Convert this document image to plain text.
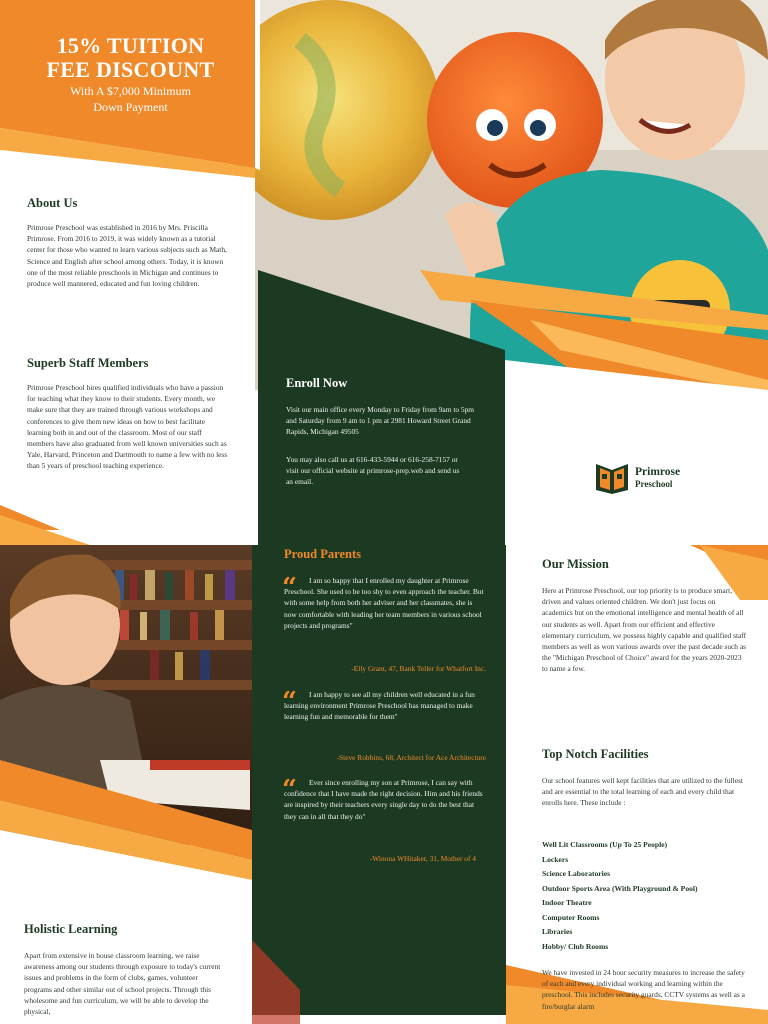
15% TUITION
FEE DISCOUNT
With A $7,000 Minimum
Down Payment
About Us
Primrose Preschool was established in 2016 by Mrs. Priscilla Primrose. From 2016 to 2019, it was widely known as a tutorial center for those who wanted to learn various subjects such as Math, Science and English after school among others. Today, it is known one of the most reliable preschools in Michigan and continues to produce well mannered, educated and fun loving children.
Superb Staff Members
Primrose Preschool hires qualified individuals who have a passion for teaching what they know to their students. Every month, we make sure that they are trained through various workshops and conferences to give them new ideas on how to best facilitate learning both in and out of the classroom. Most of our staff members have also graduated from well known universities such as Yale, Harvard, Princeton and Dartmouth to name a few with no less than 5 years of preschool teaching experience.
Enroll Now
Visit our main office every Monday to Friday from 9am to 5pm and Saturday from 9 am to 1 pm at 2981 Howard Street Grand Rapids, Michigan 49505
You may also call us at 616-433-5944 or 616-258-7157 or visit our official website at primrose-prep.web and send us an email.
Primrose
Preschool
Proud Parents
“	I am so happy that I enrolled my daughter at Primrose Preschool. She used to be too shy to even approach the teacher. But with some help from both her adviser and her classmates, she is now comfortable with leading her team members in various school projects and programs"
-Elly Grant, 47, Bank Teller for Whatfort Inc.
“	I am happy to see all my children well educated in a fun learning environment Primrose Preschool has managed to make learning fun and memorable for them"
-Steve Robbins, 68, Architect for Ace Architecture
“	Ever since enrolling my son at Primrose, I can say with confidence that I have made the right decision. Him and his friends are inspired by their teachers every single day to do the best that they can in all that they do"
-Winona WHitaker, 31, Mother of 4
Our Mission
Here at Primrose Preschool, our top priority is to produce smart, driven and values oriented children. We don't just focus on academics but on the emotional intelligence and mental health of all our students as well. Apart from our efficient and effective elementary curriculum, we possess highly capable and qualified staff members as well as won various awards over the past decade such as the "Michigan Preschool of Choice" award for the years 2020-2023 to name a few.
Top Notch Facilities
Our school features well kept facilities that are utilized to the fullest and are essential to the total learning of each and every child that enrolls here. These include :
Well Lit Classrooms (Up To 25 People)
Lockers
Science Laboratories
Outdoor Sports Area (With Playground & Pool)
Indoor Theatre
Computer Rooms
Libraries
Hobby/ Club Rooms
We have invested in 24 hour security measures to increase the safety of each and every individual working and learning within the preschool. This includes security guards, CCTV systems as well as a fire/burglar alarm
Holistic Learning
Apart from extensive in house classroom learning, we raise awareness among our students through exposure to today's current issues and problems in the form of clubs, games, volunteer programs and other similar out of school projects. Through this wholesome and fun curriculum, we will be able to develop the physical,
